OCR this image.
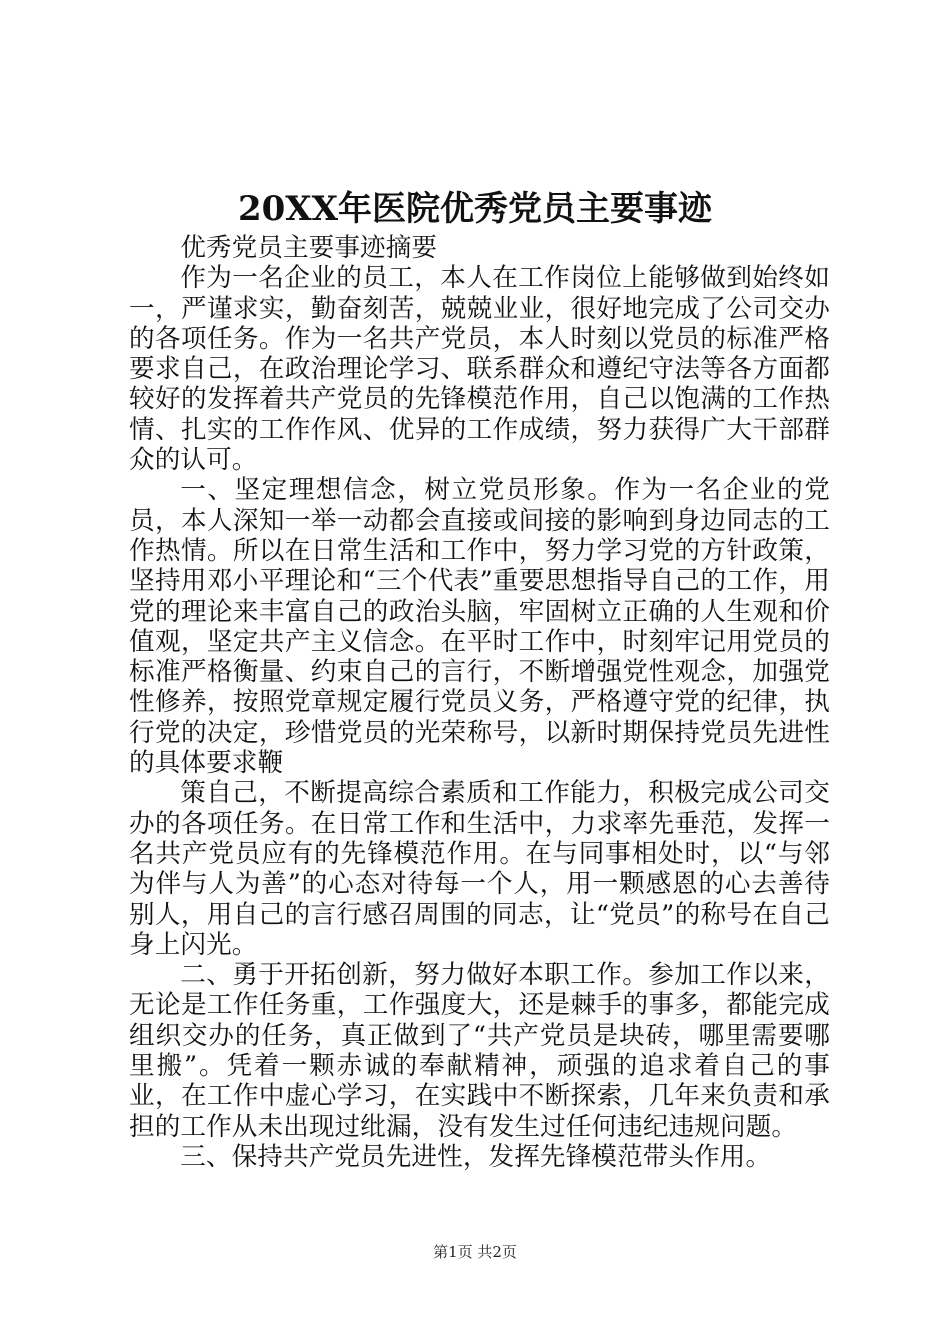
20XX年医院优秀党员主要事迹

优秀党员主要事迹摘要

作为一名企业的员工，本人在工作岗位上能够做到始终如一，严谨求实，勤奋刻苦，兢兢业业，很好地完成了公司交办的各项任务。作为一名共产党员，本人时刻以党员的标准严格要求自己，在政治理论学习、联系群众和遵纪守法等各方面都较好的发挥着共产党员的先锋模范作用，自己以饱满的工作热情、扎实的工作作风、优异的工作成绩，努力获得广大干部群众的认可。

一、坚定理想信念，树立党员形象。作为一名企业的党员，本人深知一举一动都会直接或间接的影响到身边同志的工作热情。所以在日常生活和工作中，努力学习党的方针政策，坚持用邓小平理论和“三个代表”重要思想指导自己的工作，用党的理论来丰富自己的政治头脑，牢固树立正确的人生观和价值观，坚定共产主义信念。在平时工作中，时刻牢记用党员的标准严格衡量、约束自己的言行，不断增强党性观念，加强党性修养，按照党章规定履行党员义务，严格遵守党的纪律，执行党的决定，珍惜党员的光荣称号，以新时期保持党员先进性的具体要求鞭

策自己，不断提高综合素质和工作能力，积极完成公司交办的各项任务。在日常工作和生活中，力求率先垂范，发挥一名共产党员应有的先锋模范作用。在与同事相处时，以“与邻为伴与人为善”的心态对待每一个人，用一颗感恩的心去善待别人，用自己的言行感召周围的同志，让“党员”的称号在自己身上闪光。

二、勇于开拓创新，努力做好本职工作。参加工作以来，无论是工作任务重，工作强度大，还是棘手的事多，都能完成组织交办的任务，真正做到了“共产党员是块砖，哪里需要哪里搬”。凭着一颗赤诚的奉献精神，顽强的追求着自己的事业，在工作中虚心学习，在实践中不断探索，几年来负责和承担的工作从未出现过纰漏，没有发生过任何违纪违规问题。

三、保持共产党员先进性，发挥先锋模范带头作用。

第1页 共2页
